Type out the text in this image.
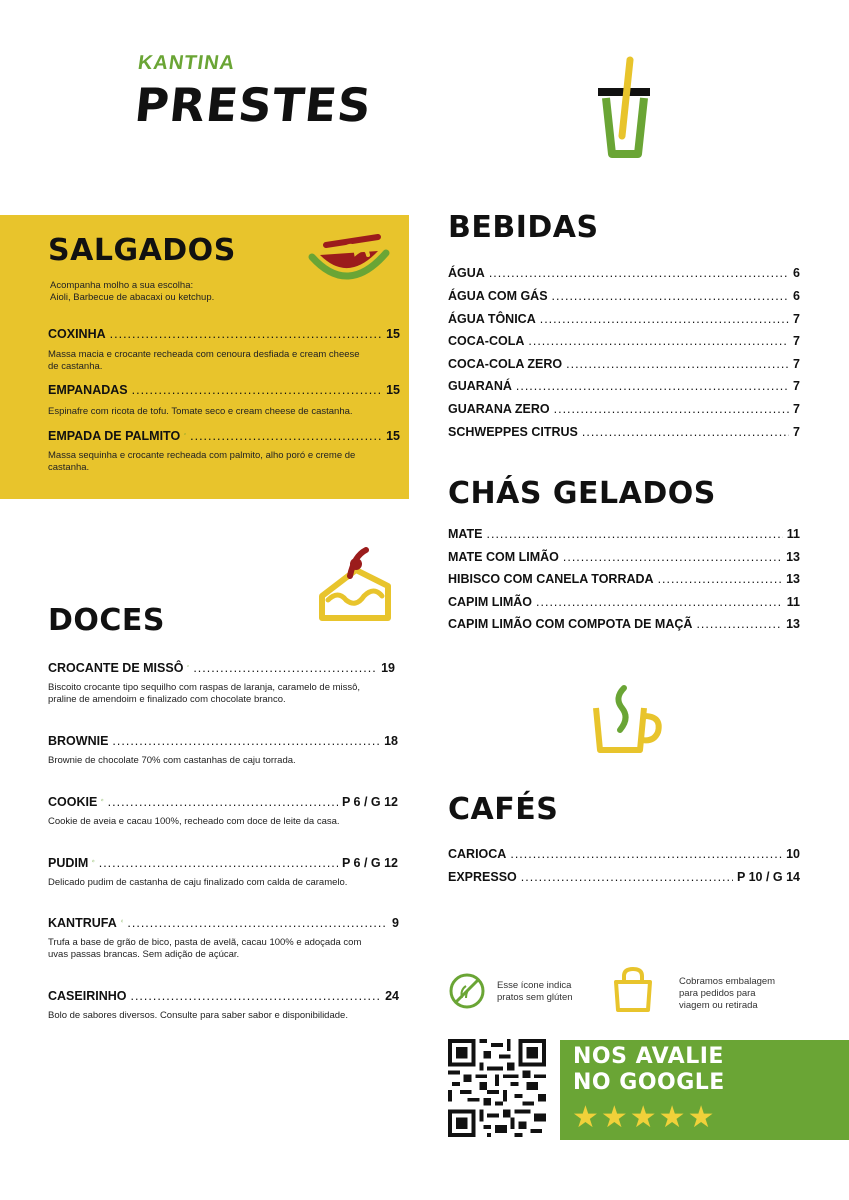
KANTINA
PRESTES
SALGADOS
Acompanha molho a sua escolha:
Aioli, Barbecue de abacaxi ou ketchup.
COXINHA .....	15
Massa macia e crocante recheada com cenoura desfiada e cream cheese
de castanha.
EMPANADAS .....	15
Espinafre com ricota de tofu. Tomate seco e cream cheese de castanha.
EMPADA DE PALMITO .....	15
Massa sequinha e crocante recheada com palmito, alho poró e creme de
castanha.
DOCES
CROCANTE DE MISSÔ .....	19
Biscoito crocante tipo sequilho com raspas de laranja, caramelo de missô,
praline de amendoim e finalizado com chocolate branco.
BROWNIE .....	18
Brownie de chocolate 70% com castanhas de caju torrada.
COOKIE .....	P 6 / G 12
Cookie de aveia e cacau 100%, recheado com doce de leite da casa.
PUDIM .....	P 6 / G 12
Delicado pudim de castanha de caju finalizado com calda de caramelo.
KANTRUFA .....	9
Trufa a base de grão de bico, pasta de avelã, cacau 100% e adoçada com
uvas passas brancas. Sem adição de açúcar.
CASEIRINHO .....	24
Bolo de sabores diversos. Consulte para saber sabor e disponibilidade.
BEBIDAS
ÁGUA .....	6
ÁGUA COM GÁS .....	6
ÁGUA TÔNICA .....	7
COCA-COLA .....	7
COCA-COLA ZERO .....	7
GUARANÁ .....	7
GUARANA ZERO .....	7
SCHWEPPES CITRUS .....	7
CHÁS GELADOS
MATE .....	11
MATE COM LIMÃO .....	13
HIBISCO COM CANELA TORRADA .....	13
CAPIM LIMÃO .....	11
CAPIM LIMÃO COM COMPOTA DE MAÇÃ .....	13
CAFÉS
CARIOCA .....	10
EXPRESSO .....	P 10 / G 14
Esse ícone indica
pratos sem glúten
Cobramos embalagem
para pedidos para
viagem ou retirada
NOS AVALIE
NO GOOGLE
★★★★★
